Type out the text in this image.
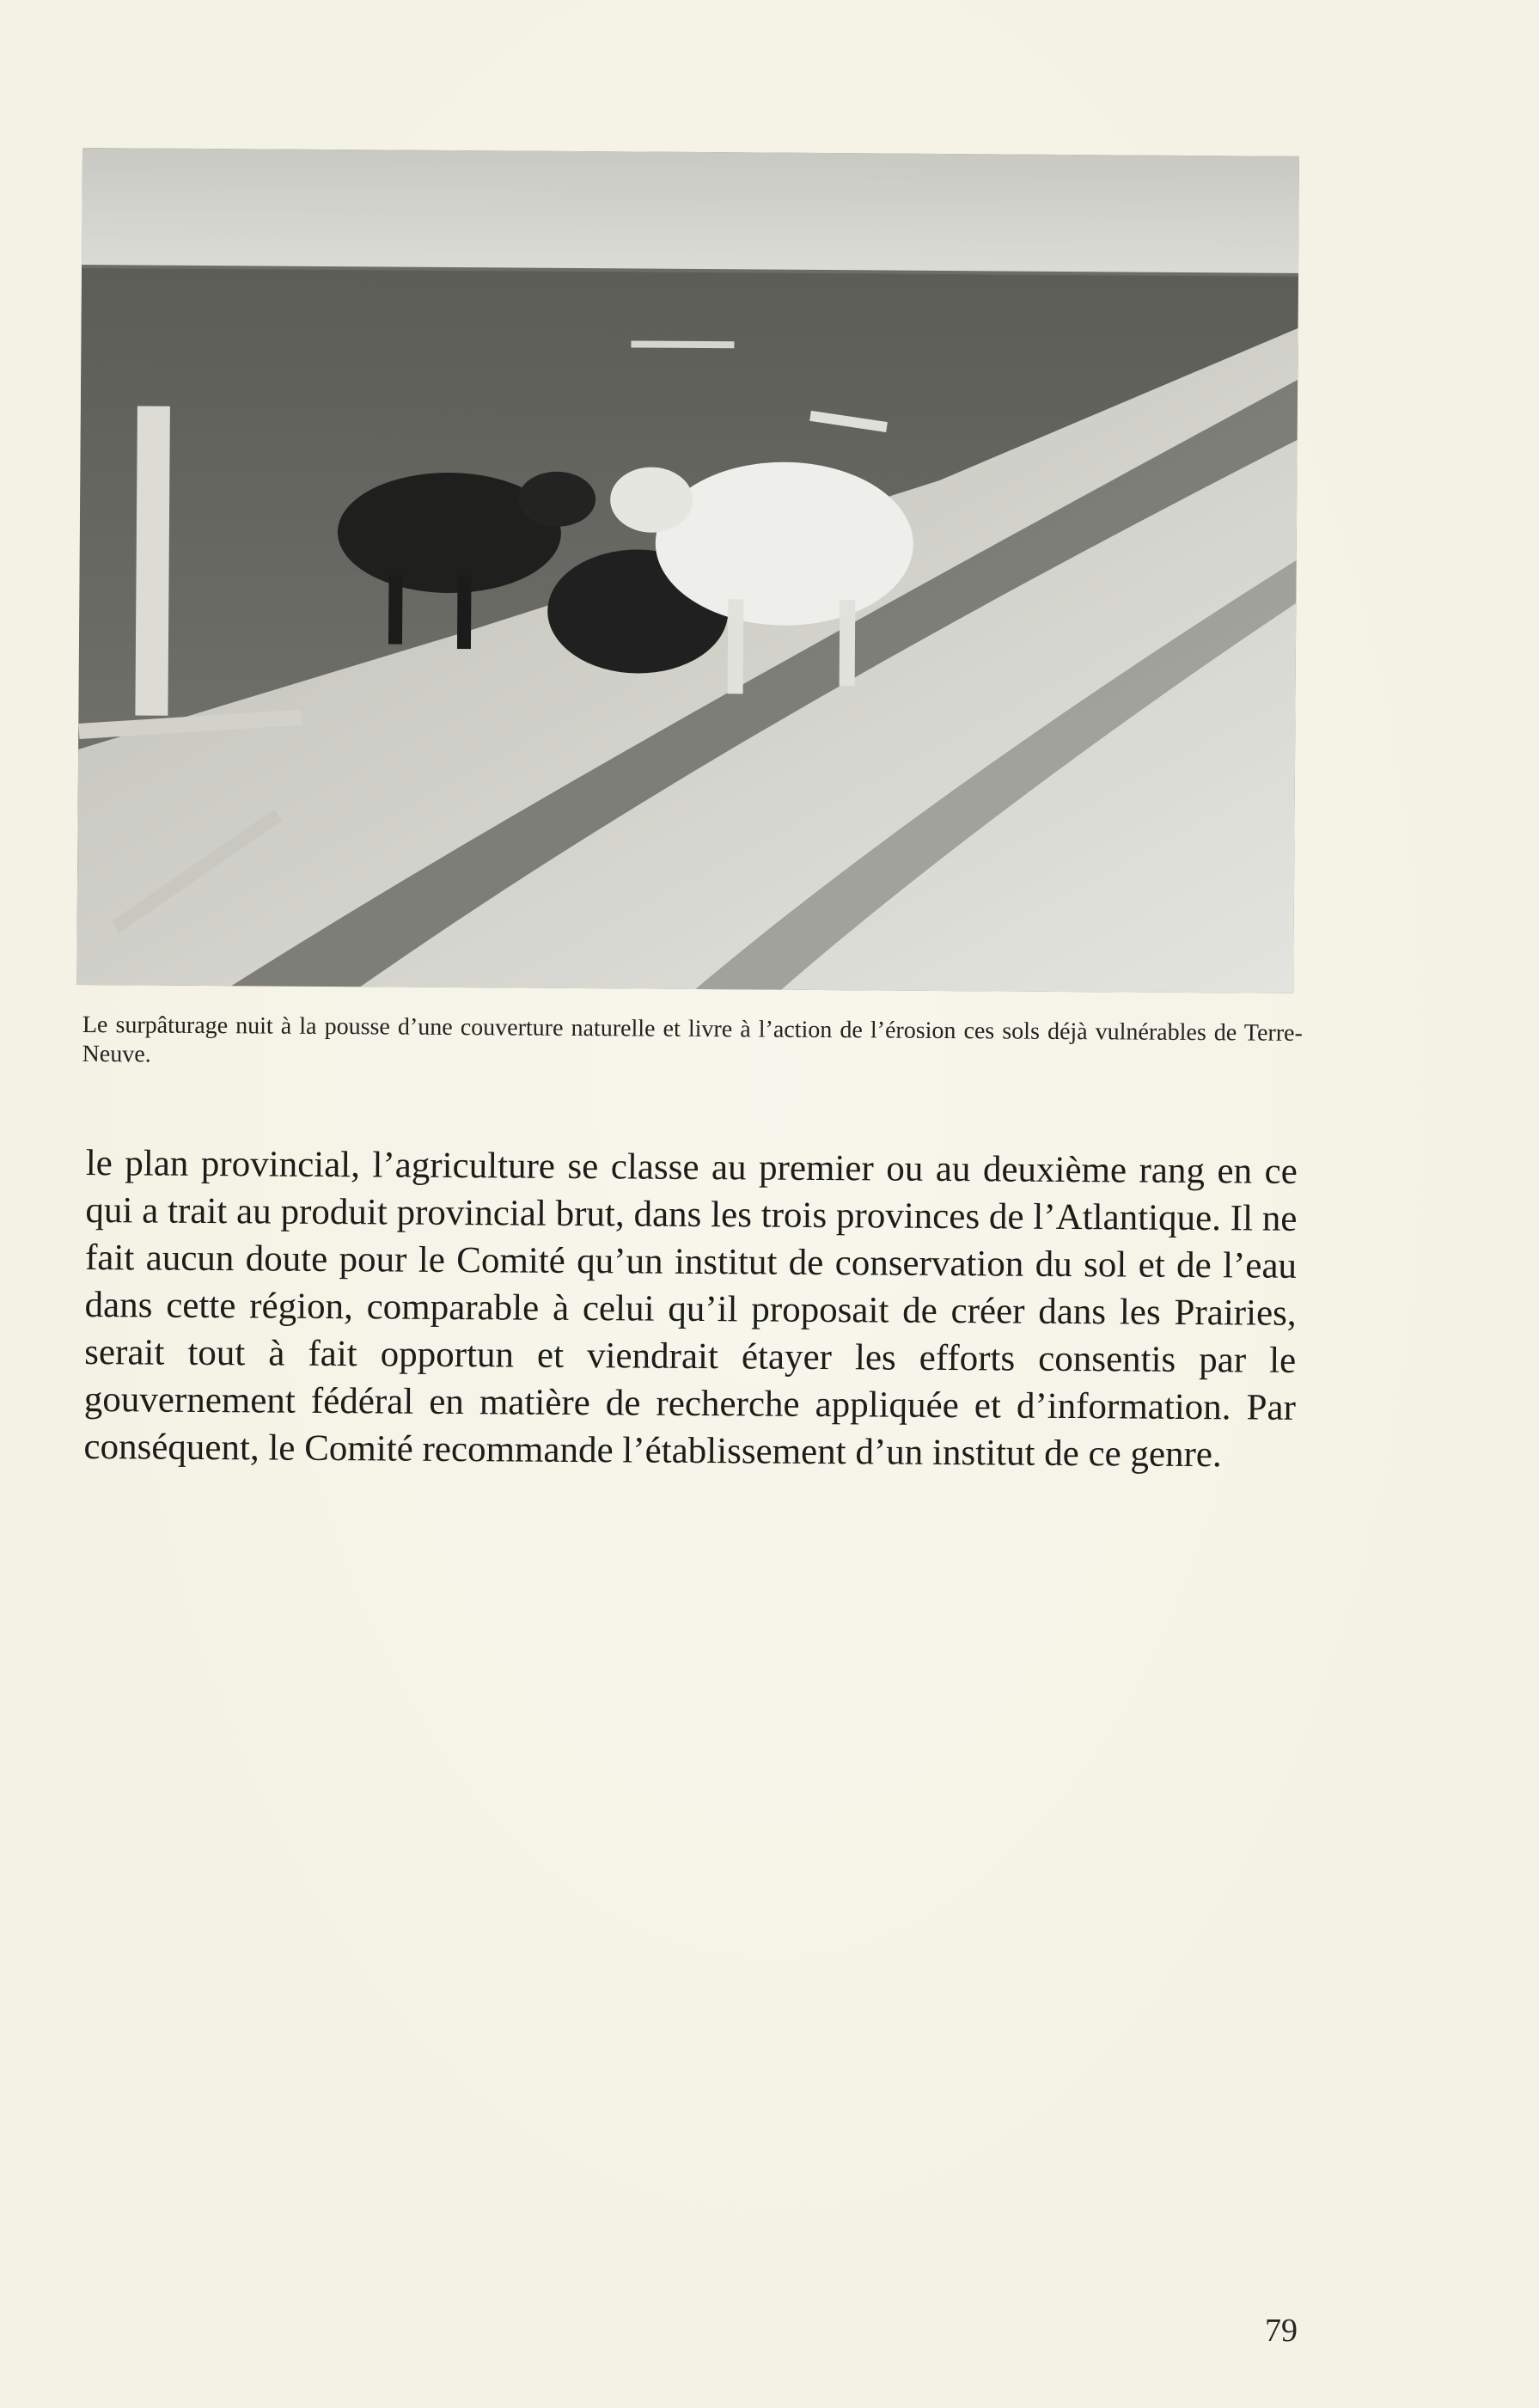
Le surpâturage nuit à la pousse d’une couverture naturelle et livre à l’action de l’érosion ces sols déjà vulnérables de Terre-Neuve.
le plan provincial, l’agriculture se classe au premier ou au deuxième rang en ce qui a trait au produit provincial brut, dans les trois provinces de l’Atlantique. Il ne fait aucun doute pour le Comité qu’un institut de conservation du sol et de l’eau dans cette région, comparable à celui qu’il proposait de créer dans les Prairies, serait tout à fait opportun et viendrait étayer les efforts consentis par le gouvernement fédéral en matière de recherche appliquée et d’information. Par conséquent, le Comité recommande l’établissement d’un institut de ce genre.
79
